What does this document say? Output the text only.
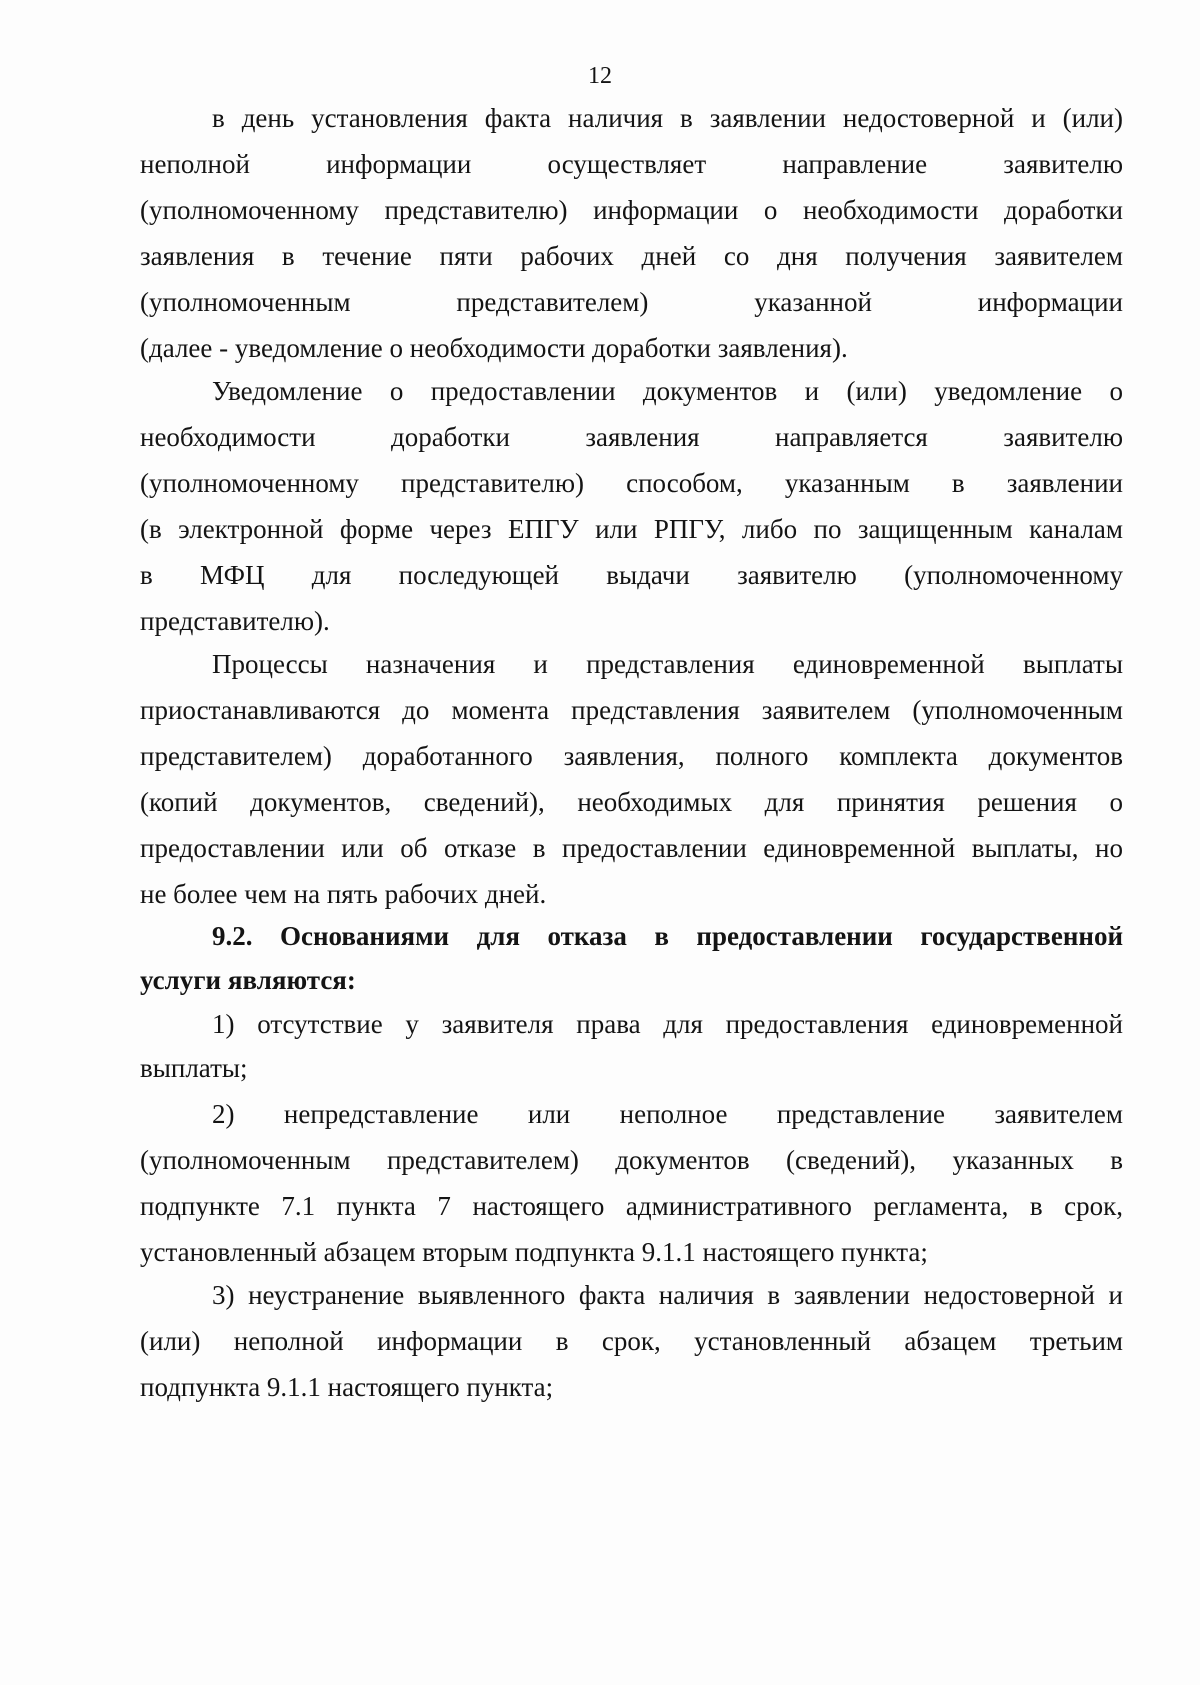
12
в день установления факта наличия в заявлении недостоверной и (или)
неполной информации осуществляет направление заявителю
(уполномоченному представителю) информации о необходимости доработки
заявления в течение пяти рабочих дней со дня получения заявителем
(уполномоченным представителем) указанной информации
(далее - уведомление о необходимости доработки заявления).
Уведомление о предоставлении документов и (или) уведомление о
необходимости доработки заявления направляется заявителю
(уполномоченному представителю) способом, указанным в заявлении
(в электронной форме через ЕПГУ или РПГУ, либо по защищенным каналам
в МФЦ для последующей выдачи заявителю (уполномоченному
представителю).
Процессы назначения и представления единовременной выплаты
приостанавливаются до момента представления заявителем (уполномоченным
представителем) доработанного заявления, полного комплекта документов
(копий документов, сведений), необходимых для принятия решения о
предоставлении или об отказе в предоставлении единовременной выплаты, но
не более чем на пять рабочих дней.
9.2. Основаниями для отказа в предоставлении государственной
услуги являются:
1) отсутствие у заявителя права для предоставления единовременной
выплаты;
2) непредставление или неполное представление заявителем
(уполномоченным представителем) документов (сведений), указанных в
подпункте 7.1 пункта 7 настоящего административного регламента, в срок,
установленный абзацем вторым подпункта 9.1.1 настоящего пункта;
3) неустранение выявленного факта наличия в заявлении недостоверной и
(или) неполной информации в срок, установленный абзацем третьим
подпункта 9.1.1 настоящего пункта;
